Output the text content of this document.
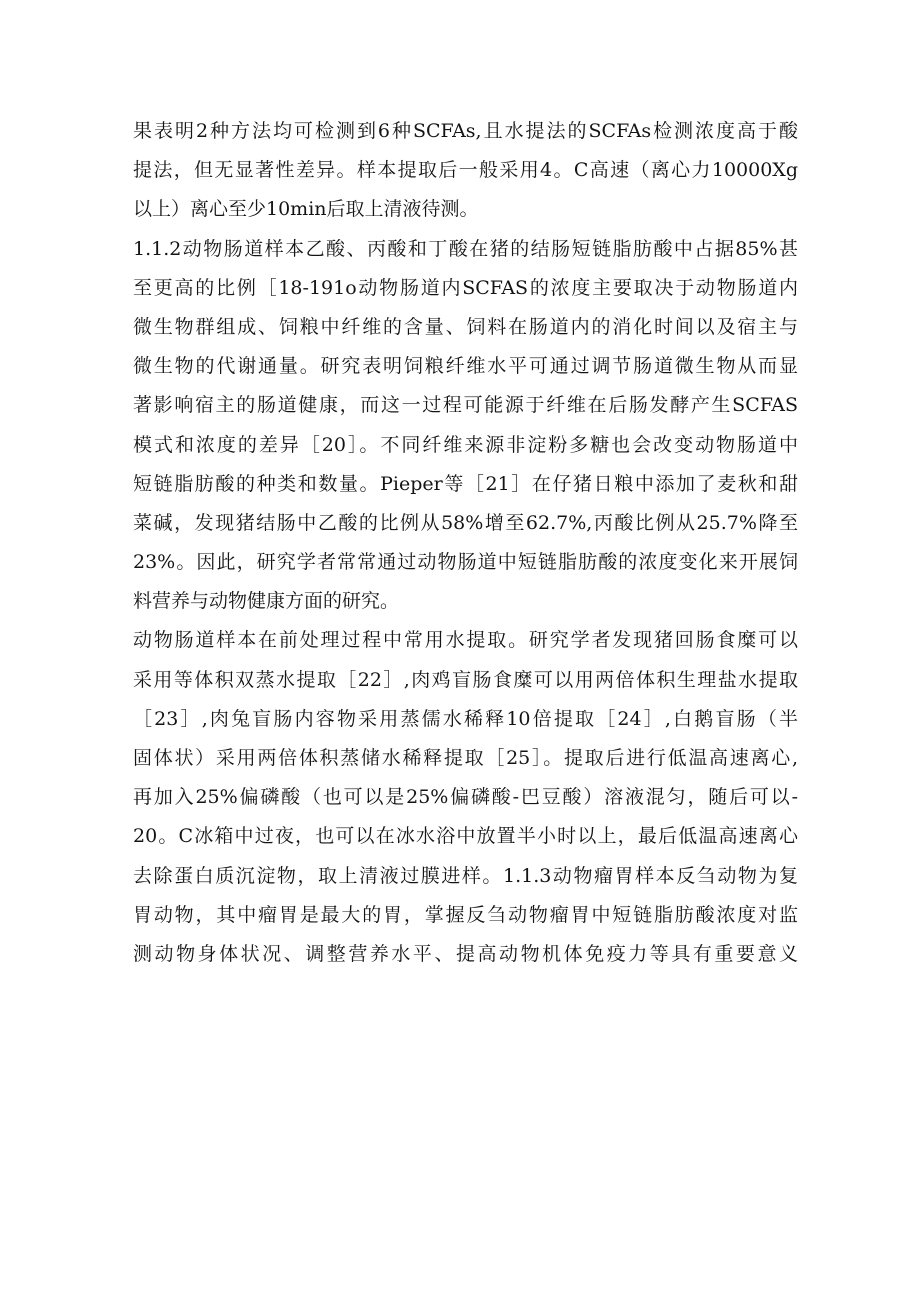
果表明2种方法均可检测到6种SCFAs,且水提法的SCFAs检测浓度高于酸
提法，但无显著性差异。样本提取后一般采用4。C高速（离心力10000Xg
以上）离心至少10min后取上清液待测。
1.1.2动物肠道样本乙酸、丙酸和丁酸在猪的结肠短链脂肪酸中占据85%甚
至更高的比例［18-191o动物肠道内SCFAS的浓度主要取决于动物肠道内
微生物群组成、饲粮中纤维的含量、饲料在肠道内的消化时间以及宿主与
微生物的代谢通量。研究表明饲粮纤维水平可通过调节肠道微生物从而显
著影响宿主的肠道健康，而这一过程可能源于纤维在后肠发酵产生SCFAS
模式和浓度的差异［20］。不同纤维来源非淀粉多糖也会改变动物肠道中
短链脂肪酸的种类和数量。Pieper等［21］在仔猪日粮中添加了麦秋和甜
菜碱，发现猪结肠中乙酸的比例从58%增至62.7%,丙酸比例从25.7%降至
23%。因此，研究学者常常通过动物肠道中短链脂肪酸的浓度变化来开展饲
料营养与动物健康方面的研究。
动物肠道样本在前处理过程中常用水提取。研究学者发现猪回肠食糜可以
采用等体积双蒸水提取［22］,肉鸡盲肠食糜可以用两倍体积生理盐水提取
［23］,肉兔盲肠内容物采用蒸儒水稀释10倍提取［24］,白鹅盲肠（半
固体状）采用两倍体积蒸储水稀释提取［25］。提取后进行低温高速离心,
再加入25%偏磷酸（也可以是25%偏磷酸-巴豆酸）溶液混匀，随后可以-
20。C冰箱中过夜，也可以在冰水浴中放置半小时以上，最后低温高速离心
去除蛋白质沉淀物，取上清液过膜进样。1.1.3动物瘤胃样本反刍动物为复
胃动物，其中瘤胃是最大的胃，掌握反刍动物瘤胃中短链脂肪酸浓度对监
测动物身体状况、调整营养水平、提高动物机体免疫力等具有重要意义
